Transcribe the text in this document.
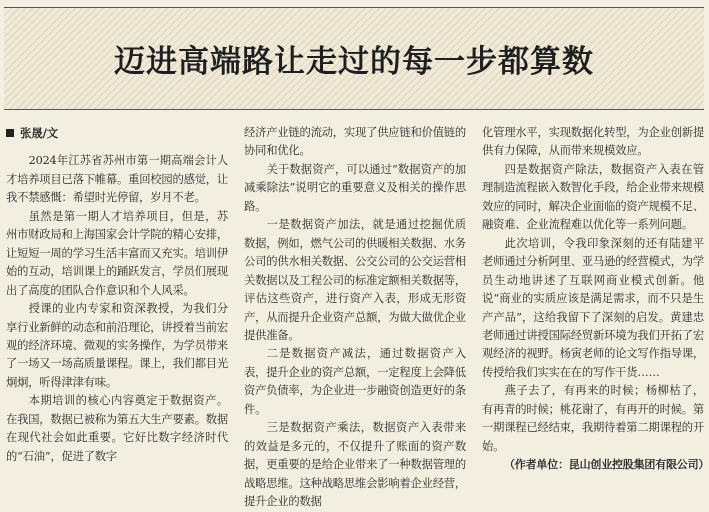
迈进高端路让走过的每一步都算数
张晟/文

2024年江苏省苏州市第一期高端会计人才培养项目已落下帷幕。重回校园的感觉，让我不禁感慨：希望时光停留，岁月不老。

虽然是第一期人才培养项目，但是，苏州市财政局和上海国家会计学院的精心安排，让短短一周的学习生活丰富而又充实。培训伊始的互动，培训课上的踊跃发言，学员们展现出了高度的团队合作意识和个人风采。

授课的业内专家和资深教授，为我们分享行业新鲜的动态和前沿理论，讲授着当前宏观的经济环境、微观的实务操作，为学员带来了一场又一场高质量课程。课上，我们都目光炯炯，听得津津有味。

本期培训的核心内容奠定于数据资产。在我国，数据已被称为第五大生产要素。数据在现代社会如此重要。它好比数字经济时代的“石油”，促进了数字

经济产业链的流动，实现了供应链和价值链的协同和优化。

关于数据资产，可以通过“数据资产的加减乘除法”说明它的重要意义及相关的操作思路。

一是数据资产加法，就是通过挖掘优质数据，例如，燃气公司的供暖相关数据、水务公司的供水相关数据、公交公司的公交运营相关数据以及工程公司的标准定额相关数据等，评估这些资产，进行资产入表，形成无形资产，从而提升企业资产总额，为做大做优企业提供准备。

二是数据资产减法，通过数据资产入表，提升企业的资产总额，一定程度上会降低资产负债率，为企业进一步融资创造更好的条件。

三是数据资产乘法，数据资产入表带来的效益是多元的，不仅提升了账面的资产数据，更重要的是给企业带来了一种数据管理的战略思维。这种战略思维会影响着企业经营，提升企业的数据

化管理水平，实现数据化转型，为企业创新提供有力保障，从而带来规模效应。

四是数据资产除法，数据资产入表在管理制造流程嵌入数智化手段，给企业带来规模效应的同时，解决企业面临的资产规模不足、融资难、企业流程难以优化等一系列问题。

此次培训，令我印象深刻的还有陆建平老师通过分析阿里、亚马逊的经营模式，为学员生动地讲述了互联网商业模式创新。他说“商业的实质应该是满足需求，而不只是生产产品”，这给我留下了深刻的启发。黄建忠老师通过讲授国际经贸新环境为我们开拓了宏观经济的视野。杨寅老师的论文写作指导课，传授给我们实实在在的写作干货……

燕子去了，有再来的时候；杨柳枯了，有再青的时候；桃花谢了，有再开的时候。第一期课程已经结束，我期待着第二期课程的开始。

（作者单位：昆山创业控股集团有限公司）
